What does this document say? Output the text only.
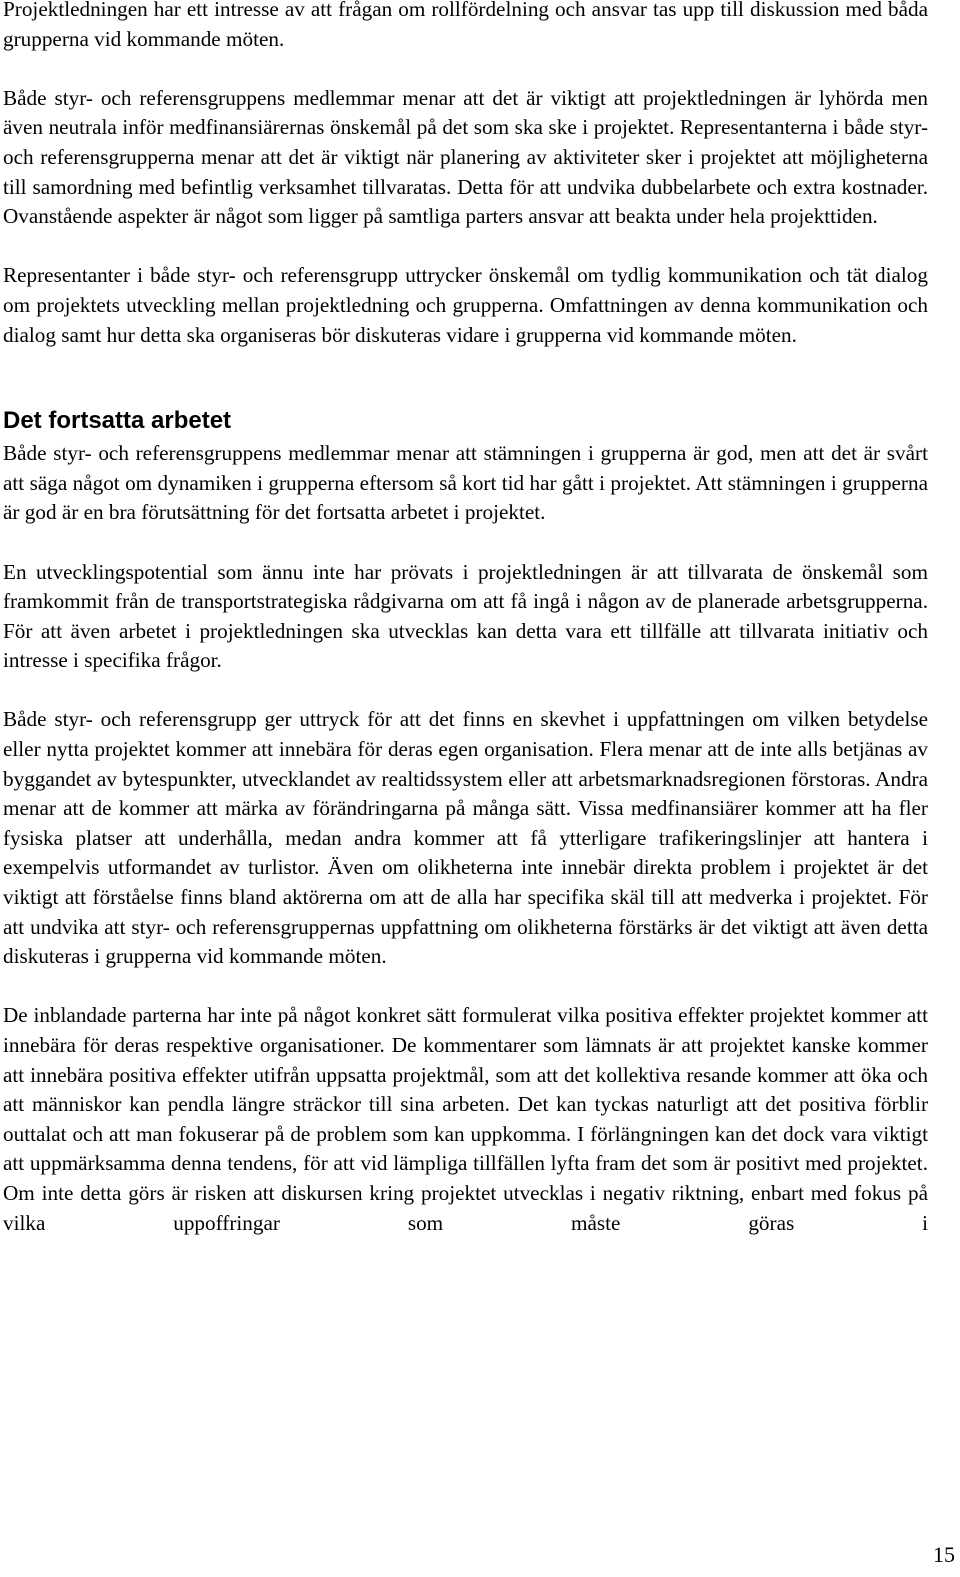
Projektledningen har ett intresse av att frågan om rollfördelning och ansvar tas upp till diskussion med båda grupperna vid kommande möten.

Både styr- och referensgruppens medlemmar menar att det är viktigt att projektledningen är lyhörda men även neutrala inför medfinansiärernas önskemål på det som ska ske i projektet. Representanterna i både styr- och referensgrupperna menar att det är viktigt när planering av aktiviteter sker i projektet att möjligheterna till samordning med befintlig verksamhet tillvaratas. Detta för att undvika dubbelarbete och extra kostnader. Ovanstående aspekter är något som ligger på samtliga parters ansvar att beakta under hela projekttiden.

Representanter i både styr- och referensgrupp uttrycker önskemål om tydlig kommunikation och tät dialog om projektets utveckling mellan projektledning och grupperna. Omfattningen av denna kommunikation och dialog samt hur detta ska organiseras bör diskuteras vidare i grupperna vid kommande möten.

Det fortsatta arbetet

Både styr- och referensgruppens medlemmar menar att stämningen i grupperna är god, men att det är svårt att säga något om dynamiken i grupperna eftersom så kort tid har gått i projektet. Att stämningen i grupperna är god är en bra förutsättning för det fortsatta arbetet i projektet.

En utvecklingspotential som ännu inte har prövats i projektledningen är att tillvarata de önskemål som framkommit från de transportstrategiska rådgivarna om att få ingå i någon av de planerade arbetsgrupperna. För att även arbetet i projektledningen ska utvecklas kan detta vara ett tillfälle att tillvarata initiativ och intresse i specifika frågor.

Både styr- och referensgrupp ger uttryck för att det finns en skevhet i uppfattningen om vilken betydelse eller nytta projektet kommer att innebära för deras egen organisation. Flera menar att de inte alls betjänas av byggandet av bytespunkter, utvecklandet av realtidssystem eller att arbetsmarknadsregionen förstoras. Andra menar att de kommer att märka av förändringarna på många sätt. Vissa medfinansiärer kommer att ha fler fysiska platser att underhålla, medan andra kommer att få ytterligare trafikeringslinjer att hantera i exempelvis utformandet av turlistor. Även om olikheterna inte innebär direkta problem i projektet är det viktigt att förståelse finns bland aktörerna om att de alla har specifika skäl till att medverka i projektet. För att undvika att styr- och referensgruppernas uppfattning om olikheterna förstärks är det viktigt att även detta diskuteras i grupperna vid kommande möten.

De inblandade parterna har inte på något konkret sätt formulerat vilka positiva effekter projektet kommer att innebära för deras respektive organisationer. De kommentarer som lämnats är att projektet kanske kommer att innebära positiva effekter utifrån uppsatta projektmål, som att det kollektiva resande kommer att öka och att människor kan pendla längre sträckor till sina arbeten. Det kan tyckas naturligt att det positiva förblir outtalat och att man fokuserar på de problem som kan uppkomma. I förlängningen kan det dock vara viktigt att uppmärksamma denna tendens, för att vid lämpliga tillfällen lyfta fram det som är positivt med projektet. Om inte detta görs är risken att diskursen kring projektet utvecklas i negativ riktning, enbart med fokus på vilka uppoffringar som måste göras i

15
